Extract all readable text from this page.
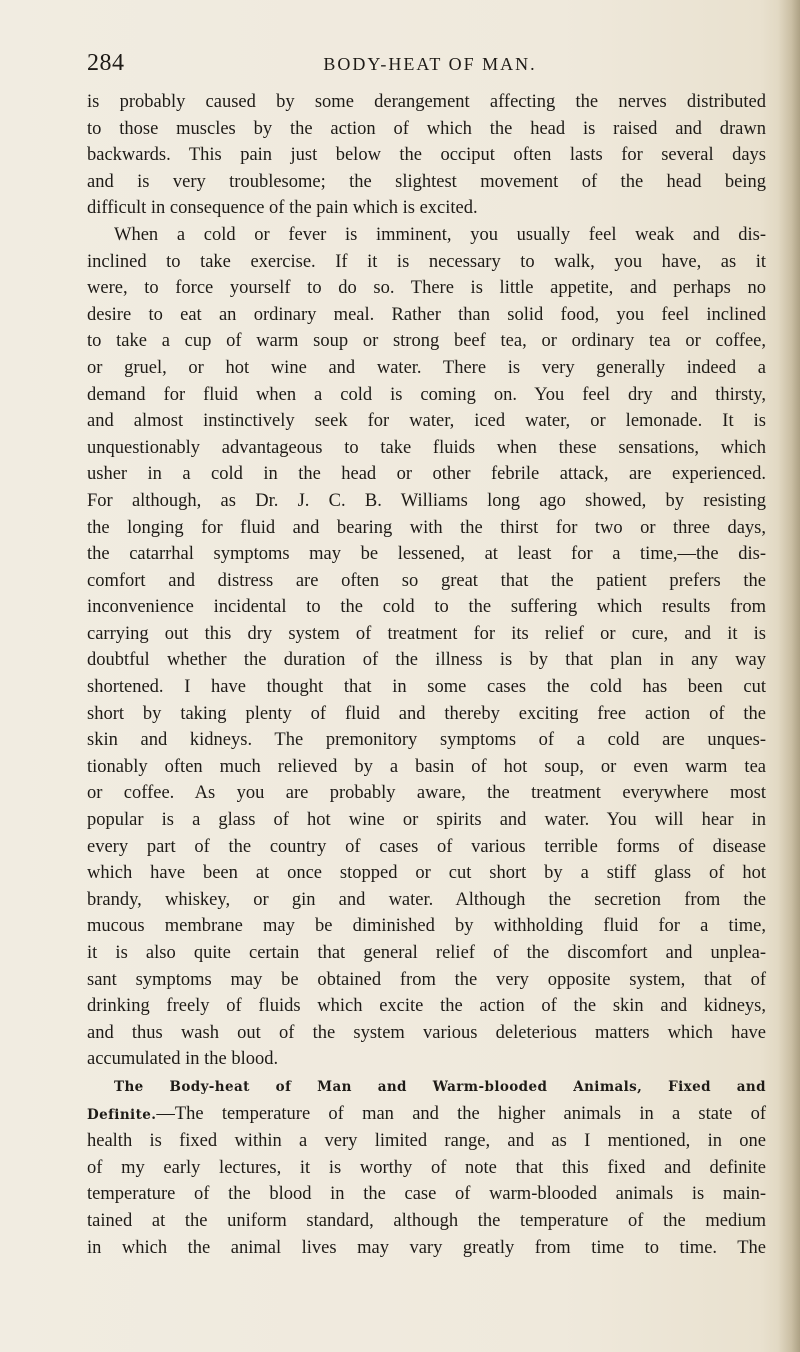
284	BODY-HEAT OF MAN.
is probably caused by some derangement affecting the nerves distributed
to those muscles by the action of which the head is raised and drawn
backwards. This pain just below the occiput often lasts for several days
and is very troublesome; the slightest movement of the head being
difficult in consequence of the pain which is excited.
When a cold or fever is imminent, you usually feel weak and dis-
inclined to take exercise. If it is necessary to walk, you have, as it
were, to force yourself to do so. There is little appetite, and perhaps no
desire to eat an ordinary meal. Rather than solid food, you feel inclined
to take a cup of warm soup or strong beef tea, or ordinary tea or coffee,
or gruel, or hot wine and water. There is very generally indeed a
demand for fluid when a cold is coming on. You feel dry and thirsty,
and almost instinctively seek for water, iced water, or lemonade. It is
unquestionably advantageous to take fluids when these sensations, which
usher in a cold in the head or other febrile attack, are experienced.
For although, as Dr. J. C. B. Williams long ago showed, by resisting
the longing for fluid and bearing with the thirst for two or three days,
the catarrhal symptoms may be lessened, at least for a time,—the dis-
comfort and distress are often so great that the patient prefers the
inconvenience incidental to the cold to the suffering which results from
carrying out this dry system of treatment for its relief or cure, and it is
doubtful whether the duration of the illness is by that plan in any way
shortened. I have thought that in some cases the cold has been cut
short by taking plenty of fluid and thereby exciting free action of the
skin and kidneys. The premonitory symptoms of a cold are unques-
tionably often much relieved by a basin of hot soup, or even warm tea
or coffee. As you are probably aware, the treatment everywhere most
popular is a glass of hot wine or spirits and water. You will hear in
every part of the country of cases of various terrible forms of disease
which have been at once stopped or cut short by a stiff glass of hot
brandy, whiskey, or gin and water. Although the secretion from the
mucous membrane may be diminished by withholding fluid for a time,
it is also quite certain that general relief of the discomfort and unplea-
sant symptoms may be obtained from the very opposite system, that of
drinking freely of fluids which excite the action of the skin and kidneys,
and thus wash out of the system various deleterious matters which have
accumulated in the blood.
The Body-heat of Man and Warm-blooded Animals, Fixed and
Definite.—The temperature of man and the higher animals in a state of
health is fixed within a very limited range, and as I mentioned, in one
of my early lectures, it is worthy of note that this fixed and definite
temperature of the blood in the case of warm-blooded animals is main-
tained at the uniform standard, although the temperature of the medium
in which the animal lives may vary greatly from time to time. The
